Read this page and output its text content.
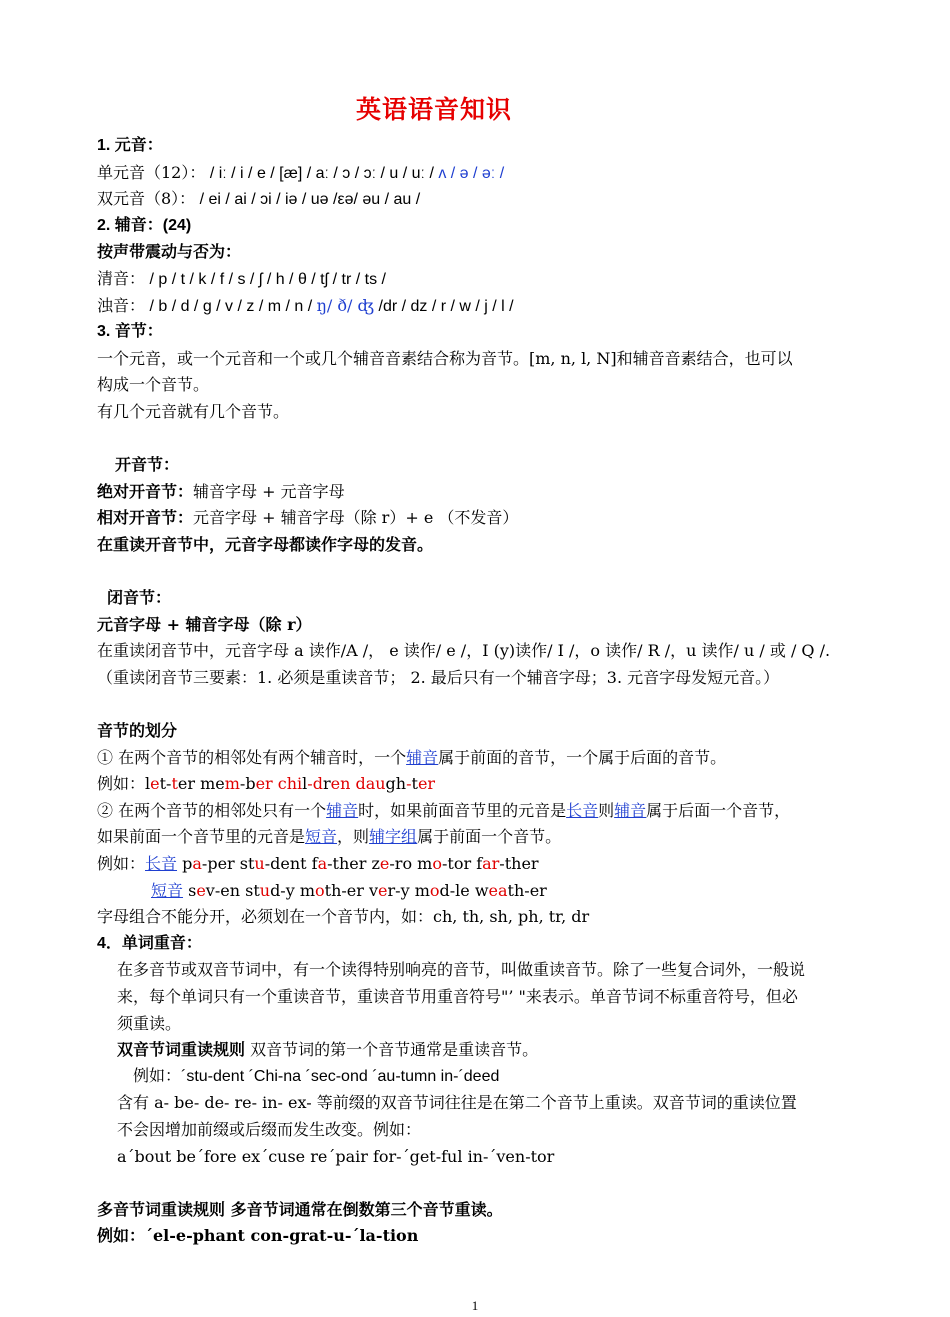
英语语音知识
1. 元音：
单元音（12）： / iː / i / e / [æ] / aː / ɔ / ɔː / u / uː / ʌ / ə / əː /
双元音（8）： / ei / ai / ɔi / iə / uə /εə/ əu / au /
2. 辅音：(24)
按声带震动与否为：
清音： / p / t / k / f / s / ʃ / h / θ / tʃ / tr / ts /
浊音： / b / d / g / v / z / m / n / ŋ/ ð/ ʤ /dr / dz / r / w / j / l /
3. 音节：
一个元音，或一个元音和一个或几个辅音音素结合称为音节。[m, n, l, N]和辅音音素结合，也可以
构成一个音节。
有几个元音就有几个音节。
开音节：
绝对开音节：辅音字母 + 元音字母
相对开音节：元音字母 + 辅音字母（除 r）+ e （不发音）
在重读开音节中，元音字母都读作字母的发音。
闭音节：
元音字母 + 辅音字母（除 r）
在重读闭音节中，元音字母 a 读作/A /， e 读作/ e /，I (y)读作/ I /，o 读作/ R /，u 读作/ u / 或 / Q /.
（重读闭音节三要素：1. 必须是重读音节； 2. 最后只有一个辅音字母；3. 元音字母发短元音。）
音节的划分
① 在两个音节的相邻处有两个辅音时，一个辅音属于前面的音节，一个属于后面的音节。
例如：let-ter mem-ber chil-dren daugh-ter
② 在两个音节的相邻处只有一个辅音时，如果前面音节里的元音是长音则辅音属于后面一个音节，
如果前面一个音节里的元音是短音，则辅字组属于前面一个音节。
例如：长音 pa-per stu-dent fa-ther ze-ro mo-tor far-ther
短音 sev-en stud-y moth-er ver-y mod-le weath-er
字母组合不能分开，必须划在一个音节内，如：ch, th, sh, ph, tr, dr
4．单词重音：
在多音节或双音节词中，有一个读得特别响亮的音节，叫做重读音节。除了一些复合词外，一般说
来，每个单词只有一个重读音节，重读音节用重音符号"’ "来表示。单音节词不标重音符号，但必
须重读。
双音节词重读规则 双音节词的第一个音节通常是重读音节。
例如：´stu-dent ´Chi-na ´sec-ond ´au-tumn in-´deed
含有 a- be- de- re- in- ex- 等前缀的双音节词往往是在第二个音节上重读。双音节词的重读位置
不会因增加前缀或后缀而发生改变。例如：
a´bout be´fore ex´cuse re´pair for-´get-ful in-´ven-tor
多音节词重读规则 多音节词通常在倒数第三个音节重读。
例如：´el-e-phant con-grat-u-´la-tion
1
